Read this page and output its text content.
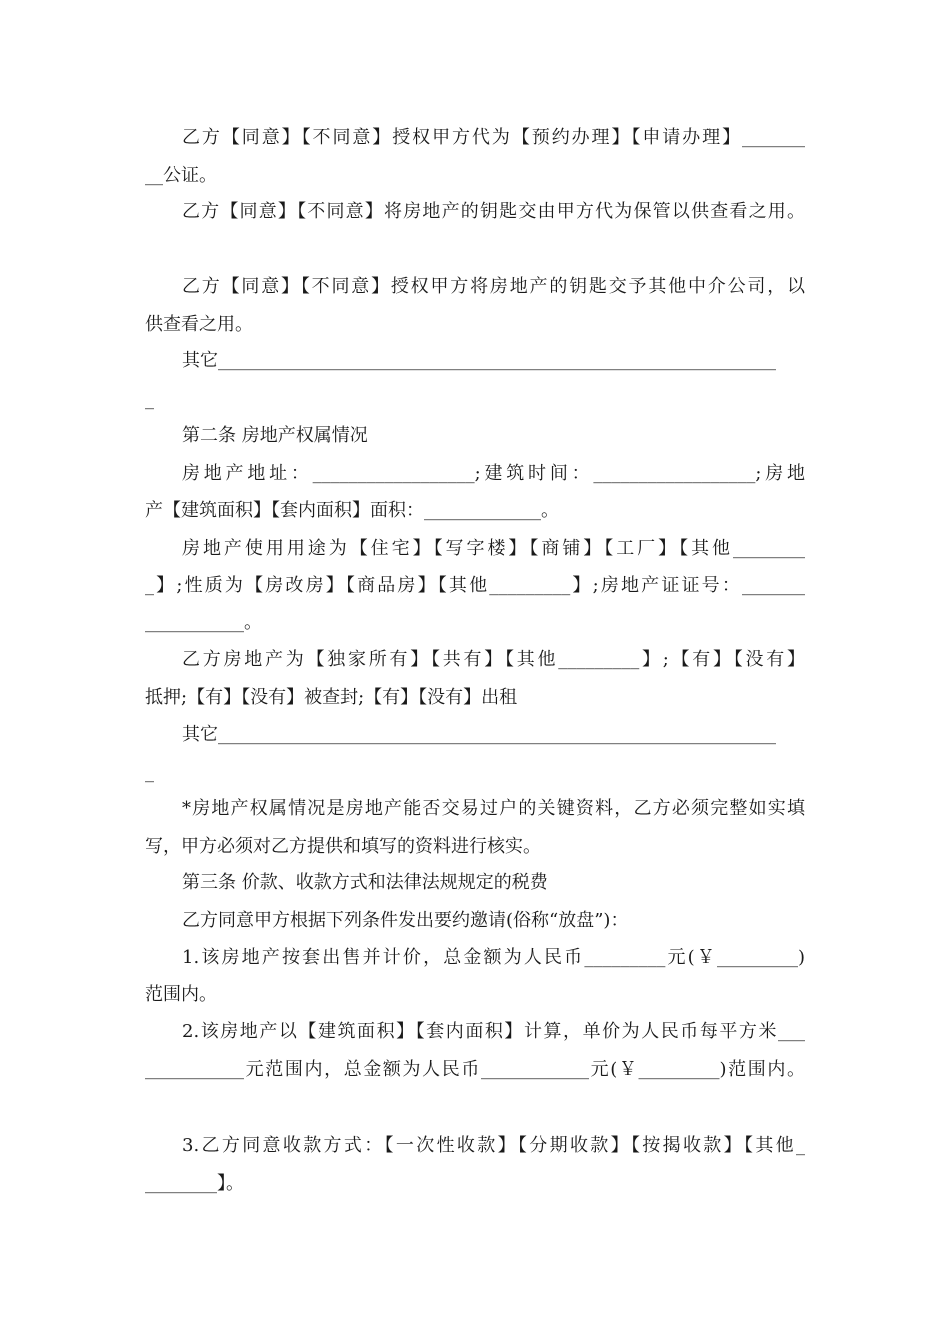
乙方【同意】【不同意】授权甲方代为【预约办理】【申请办理】_______
__公证。
乙方【同意】【不同意】将房地产的钥匙交由甲方代为保管以供查看之用。
乙方【同意】【不同意】授权甲方将房地产的钥匙交予其他中介公司，以
供查看之用。
其它______________________________________________________________
_
第二条 房地产权属情况
房地产地址：__________________;建筑时间：__________________;房地
产【建筑面积】【套内面积】面积：_____________。
房地产使用用途为【住宅】【写字楼】【商铺】【工厂】【其他________
_】;性质为【房改房】【商品房】【其他_________】;房地产证证号：_______
___________。
乙方房地产为【独家所有】【共有】【其他_________】;【有】【没有】
抵押;【有】【没有】被查封;【有】【没有】出租
其它______________________________________________________________
_
*房地产权属情况是房地产能否交易过户的关键资料，乙方必须完整如实填
写，甲方必须对乙方提供和填写的资料进行核实。
第三条 价款、收款方式和法律法规规定的税费
乙方同意甲方根据下列条件发出要约邀请(俗称“放盘”)：
1.该房地产按套出售并计价，总金额为人民币_________元(￥_________)
范围内。
2.该房地产以【建筑面积】【套内面积】计算，单价为人民币每平方米___
___________元范围内，总金额为人民币____________元(￥_________)范围内。
3.乙方同意收款方式：【一次性收款】【分期收款】【按揭收款】【其他_
________】。
